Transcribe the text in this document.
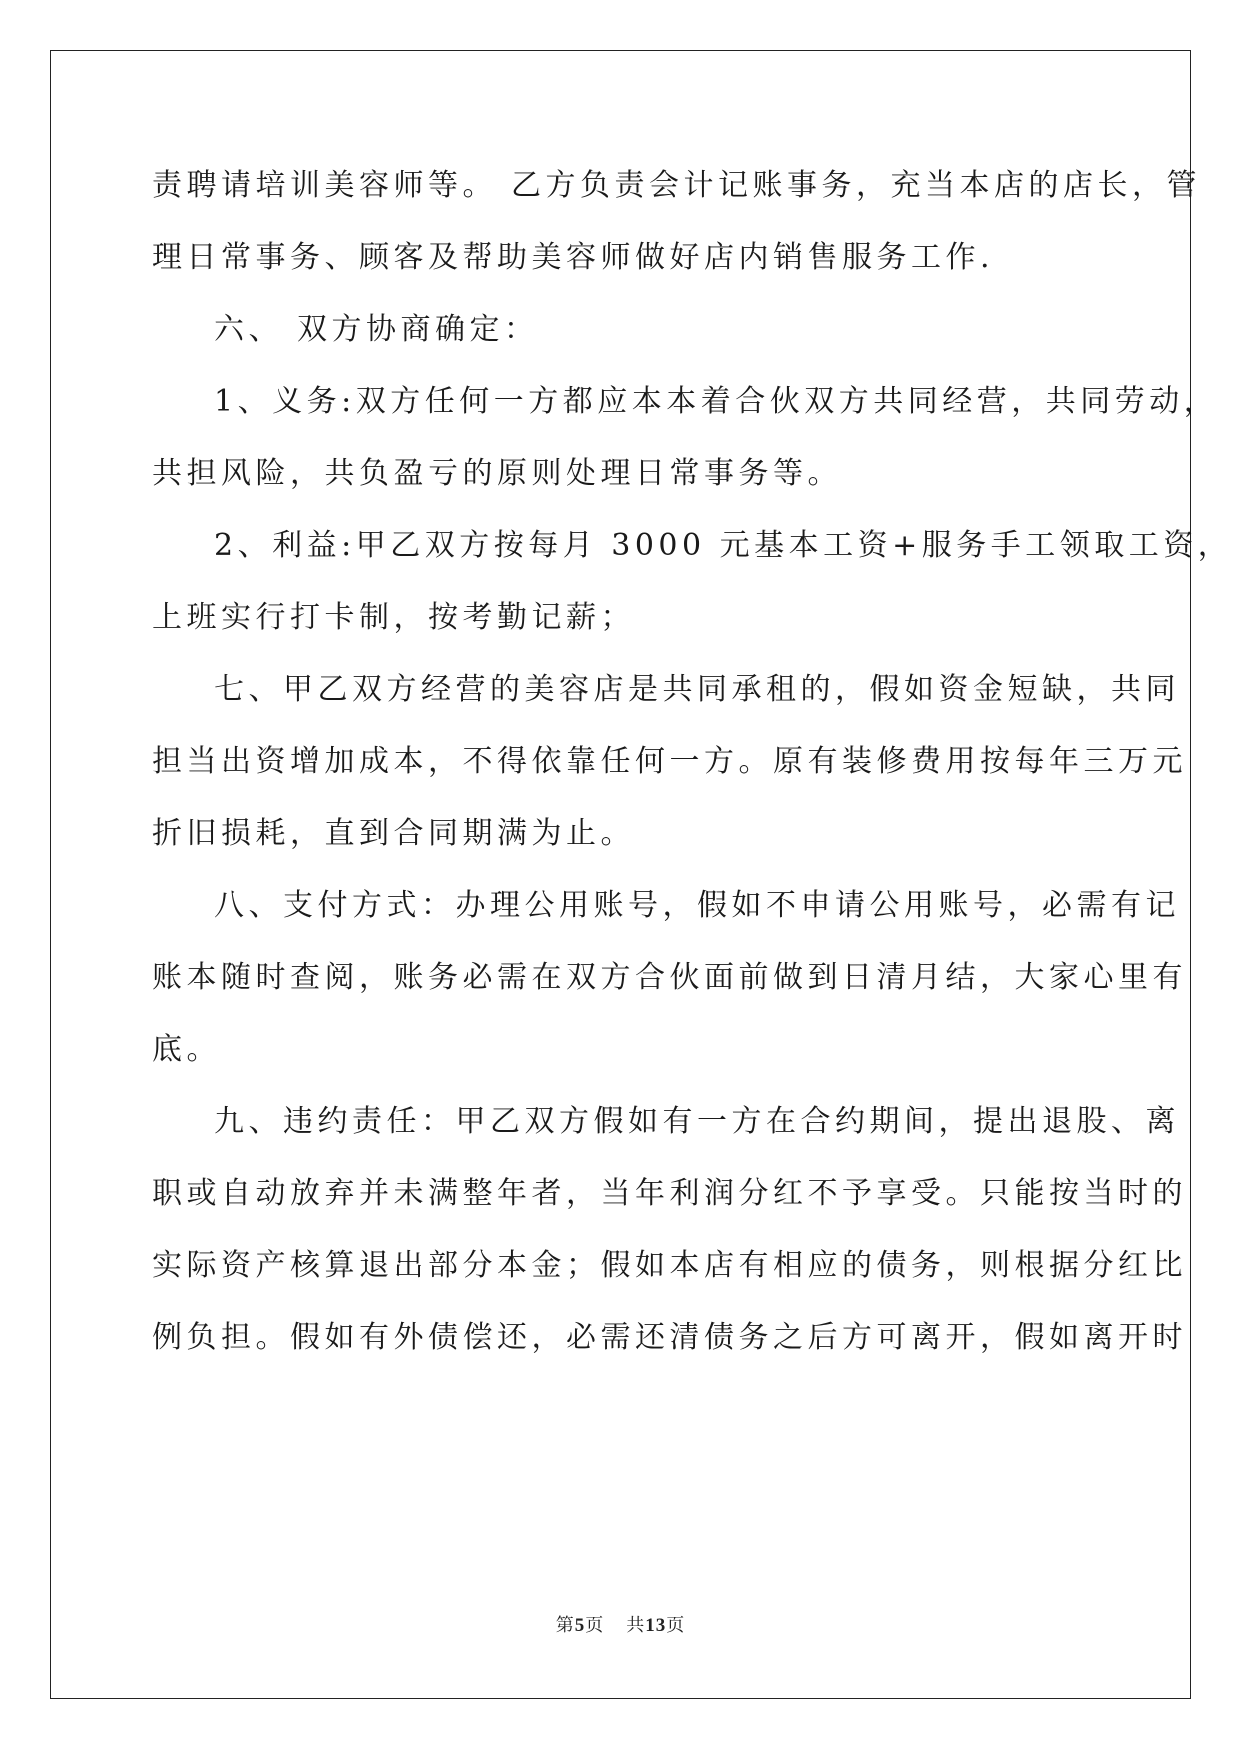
责聘请培训美容师等。 乙方负责会计记账事务，充当本店的店长，管
理日常事务、顾客及帮助美容师做好店内销售服务工作.
六、 双方协商确定：
1、义务:双方任何一方都应本本着合伙双方共同经营，共同劳动，
共担风险，共负盈亏的原则处理日常事务等。
2、利益:甲乙双方按每月 3000 元基本工资+服务手工领取工资，
上班实行打卡制，按考勤记薪；
七、甲乙双方经营的美容店是共同承租的，假如资金短缺，共同
担当出资增加成本，不得依靠任何一方。原有装修费用按每年三万元
折旧损耗，直到合同期满为止。
八、支付方式：办理公用账号，假如不申请公用账号，必需有记
账本随时查阅，账务必需在双方合伙面前做到日清月结，大家心里有
底。
九、违约责任：甲乙双方假如有一方在合约期间，提出退股、离
职或自动放弃并未满整年者，当年利润分红不予享受。只能按当时的
实际资产核算退出部分本金；假如本店有相应的债务，则根据分红比
例负担。假如有外债偿还，必需还清债务之后方可离开，假如离开时
第5页 共13页
